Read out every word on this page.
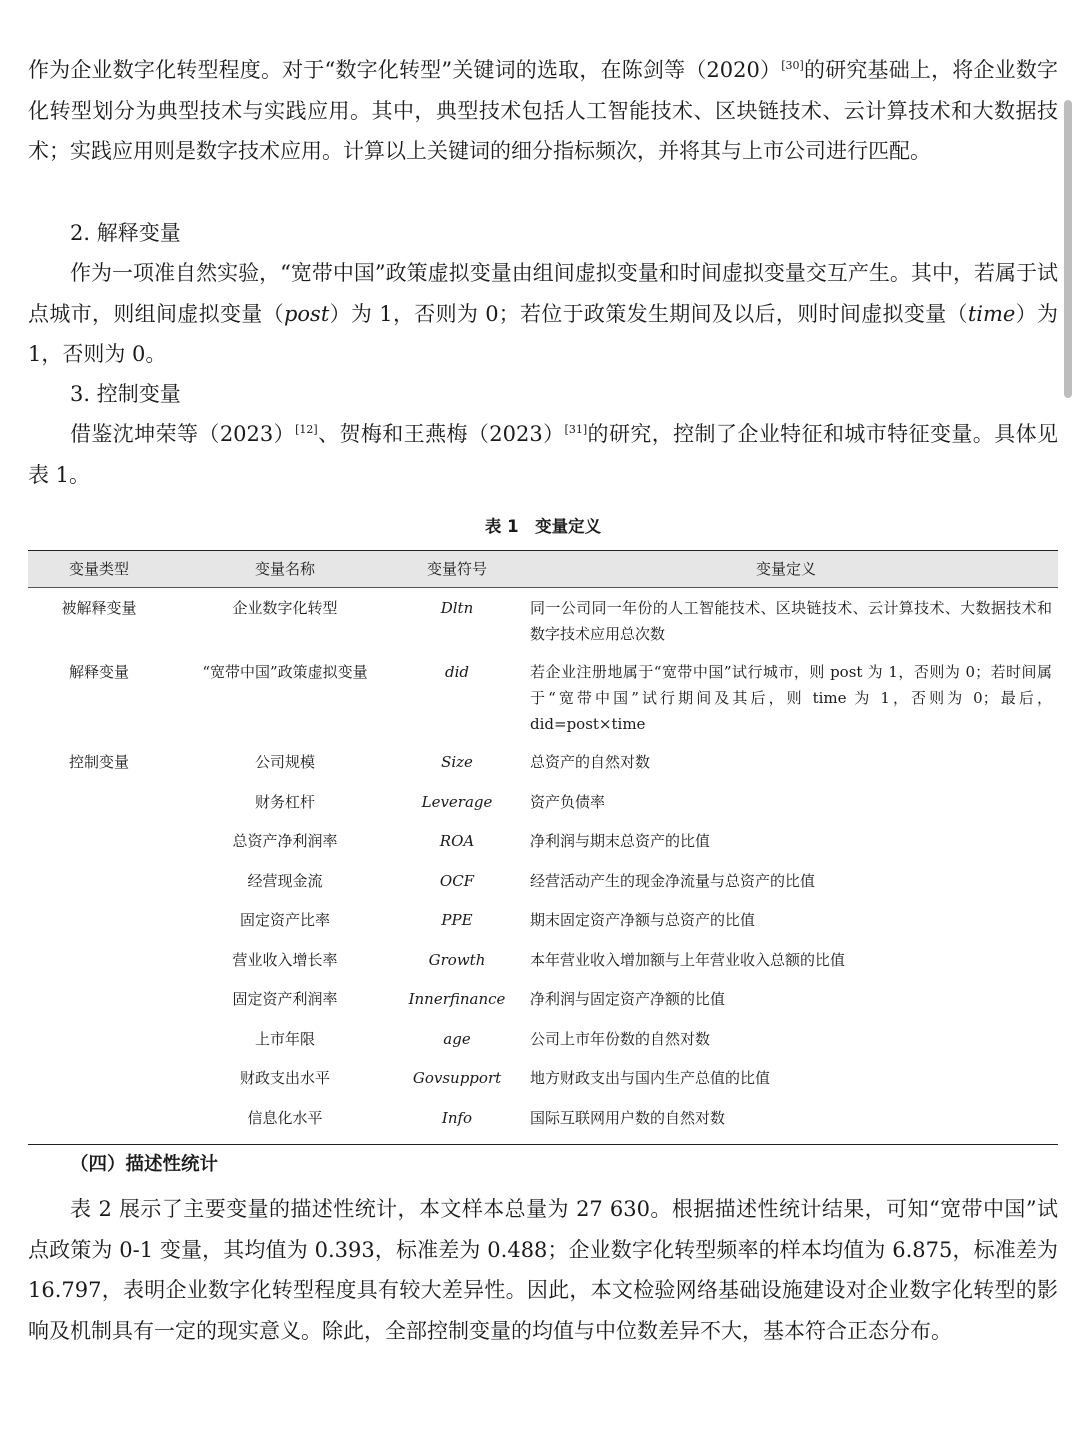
作为企业数字化转型程度。对于“数字化转型”关键词的选取，在陈剑等（2020）[30]的研究基础上，将企业数字化转型划分为典型技术与实践应用。其中，典型技术包括人工智能技术、区块链技术、云计算技术和大数据技术；实践应用则是数字技术应用。计算以上关键词的细分指标频次，并将其与上市公司进行匹配。

2. 解释变量

作为一项准自然实验，“宽带中国”政策虚拟变量由组间虚拟变量和时间虚拟变量交互产生。其中，若属于试点城市，则组间虚拟变量（post）为 1，否则为 0；若位于政策发生期间及以后，则时间虚拟变量（time）为 1，否则为 0。

3. 控制变量

借鉴沈坤荣等（2023）[12]、贺梅和王燕梅（2023）[31]的研究，控制了企业特征和城市特征变量。具体见表 1。

表 1　变量定义
变量类型	变量名称	变量符号	变量定义
被解释变量	企业数字化转型	Dltn	同一公司同一年份的人工智能技术、区块链技术、云计算技术、大数据技术和数字技术应用总次数
解释变量	“宽带中国”政策虚拟变量	did	若企业注册地属于“宽带中国”试行城市，则 post 为 1，否则为 0；若时间属于“宽带中国”试行期间及其后，则 time 为 1，否则为 0；最后，did=post×time
控制变量	公司规模	Size	总资产的自然对数
	财务杠杆	Leverage	资产负债率
	总资产净利润率	ROA	净利润与期末总资产的比值
	经营现金流	OCF	经营活动产生的现金净流量与总资产的比值
	固定资产比率	PPE	期末固定资产净额与总资产的比值
	营业收入增长率	Growth	本年营业收入增加额与上年营业收入总额的比值
	固定资产利润率	Innerfinance	净利润与固定资产净额的比值
	上市年限	age	公司上市年份数的自然对数
	财政支出水平	Govsupport	地方财政支出与国内生产总值的比值
	信息化水平	Info	国际互联网用户数的自然对数

（四）描述性统计

表 2 展示了主要变量的描述性统计，本文样本总量为 27 630。根据描述性统计结果，可知“宽带中国”试点政策为 0-1 变量，其均值为 0.393，标准差为 0.488；企业数字化转型频率的样本均值为 6.875，标准差为 16.797，表明企业数字化转型程度具有较大差异性。因此，本文检验网络基础设施建设对企业数字化转型的影响及机制具有一定的现实意义。除此，全部控制变量的均值与中位数差异不大，基本符合正态分布。
